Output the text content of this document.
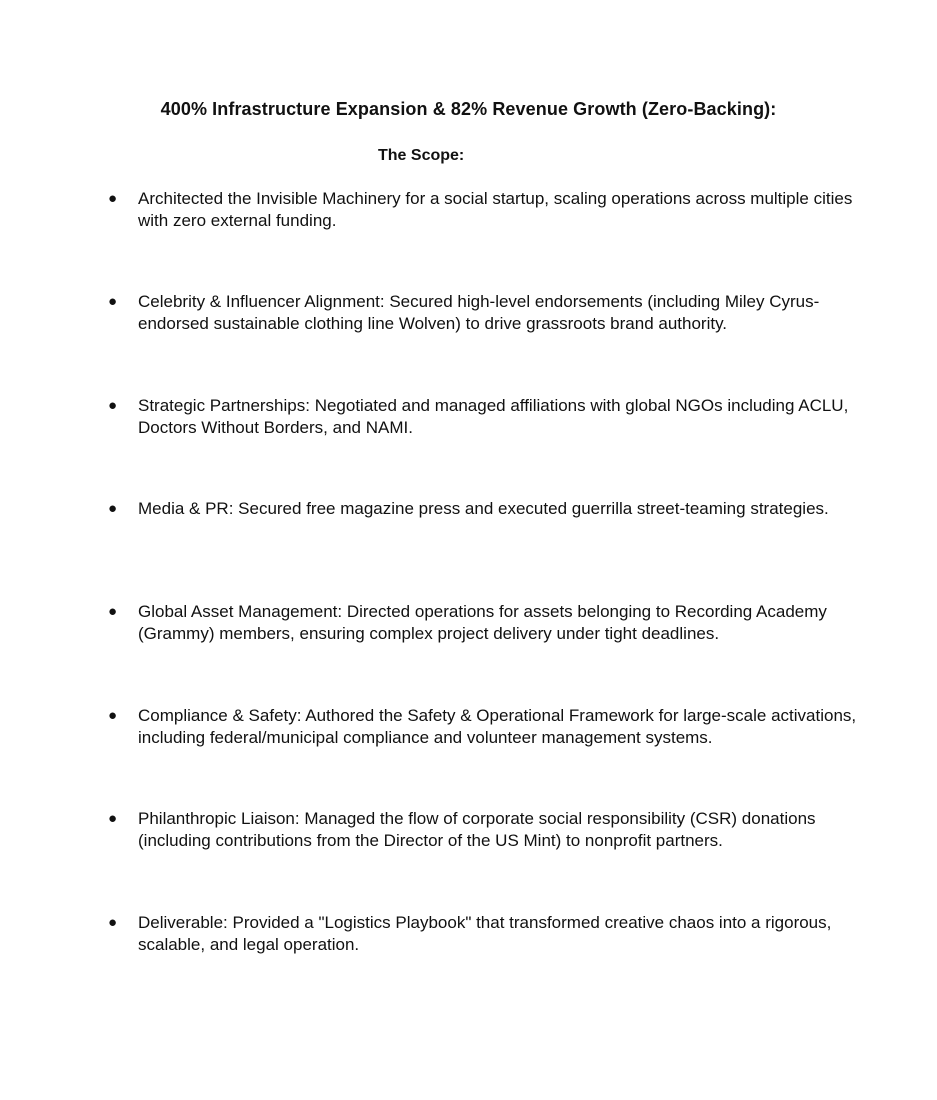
400% Infrastructure Expansion & 82% Revenue Growth (Zero-Backing):
The Scope:
● Architected the Invisible Machinery for a social startup, scaling operations across multiple cities with zero external funding.
● Celebrity & Influencer Alignment: Secured high-level endorsements (including Miley Cyrus-endorsed sustainable clothing line Wolven) to drive grassroots brand authority.
● Strategic Partnerships: Negotiated and managed affiliations with global NGOs including ACLU, Doctors Without Borders, and NAMI.
● Media & PR: Secured free magazine press and executed guerrilla street-teaming strategies.
● Global Asset Management: Directed operations for assets belonging to Recording Academy (Grammy) members, ensuring complex project delivery under tight deadlines.
● Compliance & Safety: Authored the Safety & Operational Framework for large-scale activations, including federal/municipal compliance and volunteer management systems.
● Philanthropic Liaison: Managed the flow of corporate social responsibility (CSR) donations (including contributions from the Director of the US Mint) to nonprofit partners.
● Deliverable: Provided a "Logistics Playbook" that transformed creative chaos into a rigorous, scalable, and legal operation.
